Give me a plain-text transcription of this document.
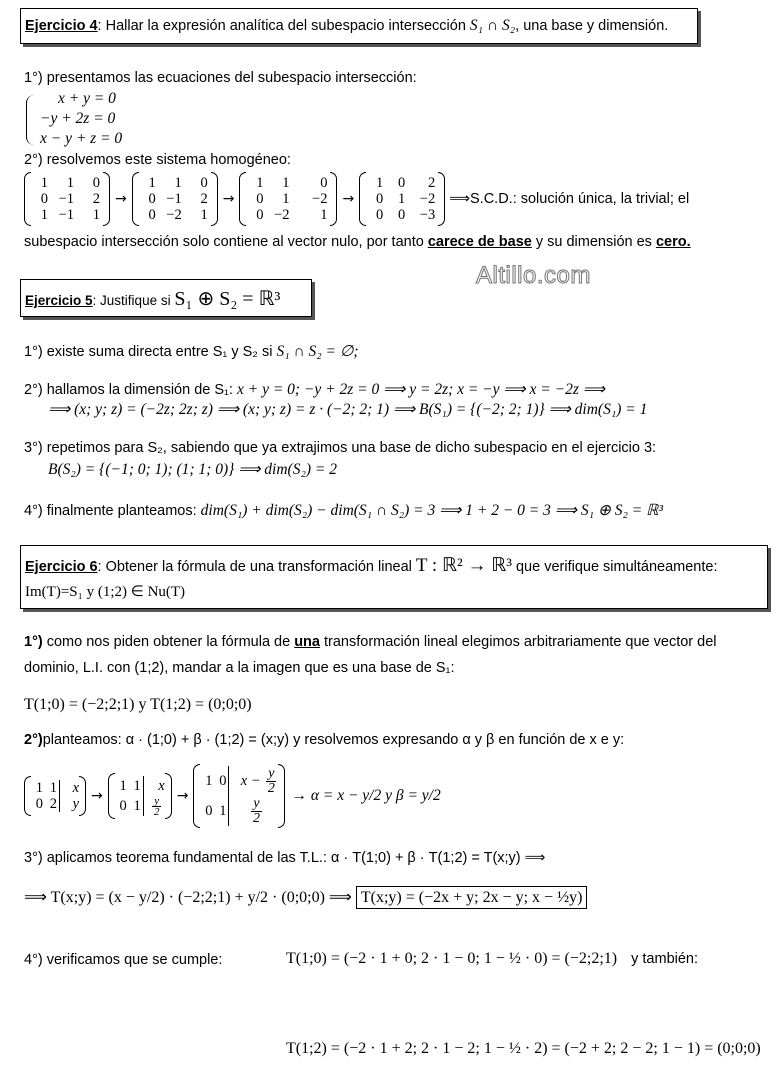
Ejercicio 4: Hallar la expresión analítica del subespacio intersección S₁ ∩ S₂, una base y dimensión.
1°) presentamos las ecuaciones del subespacio intersección:
x + y = 0
−y + 2z = 0
x − y + z = 0
2°) resolvemos este sistema homogéneo:
1	1	0
0 −1	2
1 −1	1
→
1	1	0
0 −1	2
0 −2	1
→
1	1	0
0	1	−2
0 −2	1
→
1	0	2
0	1	−2
0	0	−3
⟹S.C.D.: solución única, la trivial; el
subespacio intersección solo contiene al vector nulo, por tanto carece de base y su dimensión es cero.
Altillo.com
Ejercicio 5: Justifique si S₁ ⊕ S₂ = ℝ³
1°) existe suma directa entre S₁ y S₂ si S₁ ∩ S₂ = ∅;
2°) hallamos la dimensión de S₁: x + y = 0; −y + 2z = 0 ⟹ y = 2z; x = −y ⟹ x = −2z ⟹
⟹ (x; y; z) = (−2z; 2z; z) ⟹ (x; y; z) = z · (−2; 2; 1) ⟹ B(S₁) = {(−2; 2; 1)} ⟹ dim(S₁) = 1
3°) repetimos para S₂, sabiendo que ya extrajimos una base de dicho subespacio en el ejercicio 3:
B(S₂) = {(−1; 0; 1); (1; 1; 0)} ⟹ dim(S₂) = 2
4°) finalmente planteamos: dim(S₁) + dim(S₂) − dim(S₁ ∩ S₂) = 3 ⟹ 1 + 2 − 0 = 3 ⟹ S₁ ⊕ S₂ = ℝ³
Ejercicio 6: Obtener la fórmula de una transformación lineal T : ℝ² → ℝ³ que verifique simultáneamente:
Im(T)=S₁ y (1;2) ∈ Nu(T)
1°) como nos piden obtener la fórmula de una transformación lineal elegimos arbitrariamente que vector del
dominio, L.I. con (1;2), mandar a la imagen que es una base de S₁:
T(1;0) = (−2;2;1) y T(1;2) = (0;0;0)
2°)planteamos: α · (1;0) + β · (1;2) = (x;y) y resolvemos expresando α y β en función de x e y:
1 1	x
0 2	y →
1 1	x
0 $1 \frac{y}{2}$ →
1 0 $x - \frac{y}{2}$
0 $1 \frac{y}{2}$
→ α = x − y/2 y β = y/2
3°) aplicamos teorema fundamental de las T.L.: α · T(1;0) + β · T(1;2) = T(x;y) ⟹
⟹ T(x;y) = (x − y/2) · (−2;2;1) + y/2 · (0;0;0) ⟹ T(x;y) = (−2x + y; 2x − y; x − ½y)
4°) verificamos que se cumple:	T(1;0) = (−2 · 1 + 0; 2 · 1 − 0; 1 − ½ · 0) = (−2;2;1) y también:
T(1;2) = (−2 · 1 + 2; 2 · 1 − 2; 1 − ½ · 2) = (−2 + 2; 2 − 2; 1 − 1) = (0;0;0)
